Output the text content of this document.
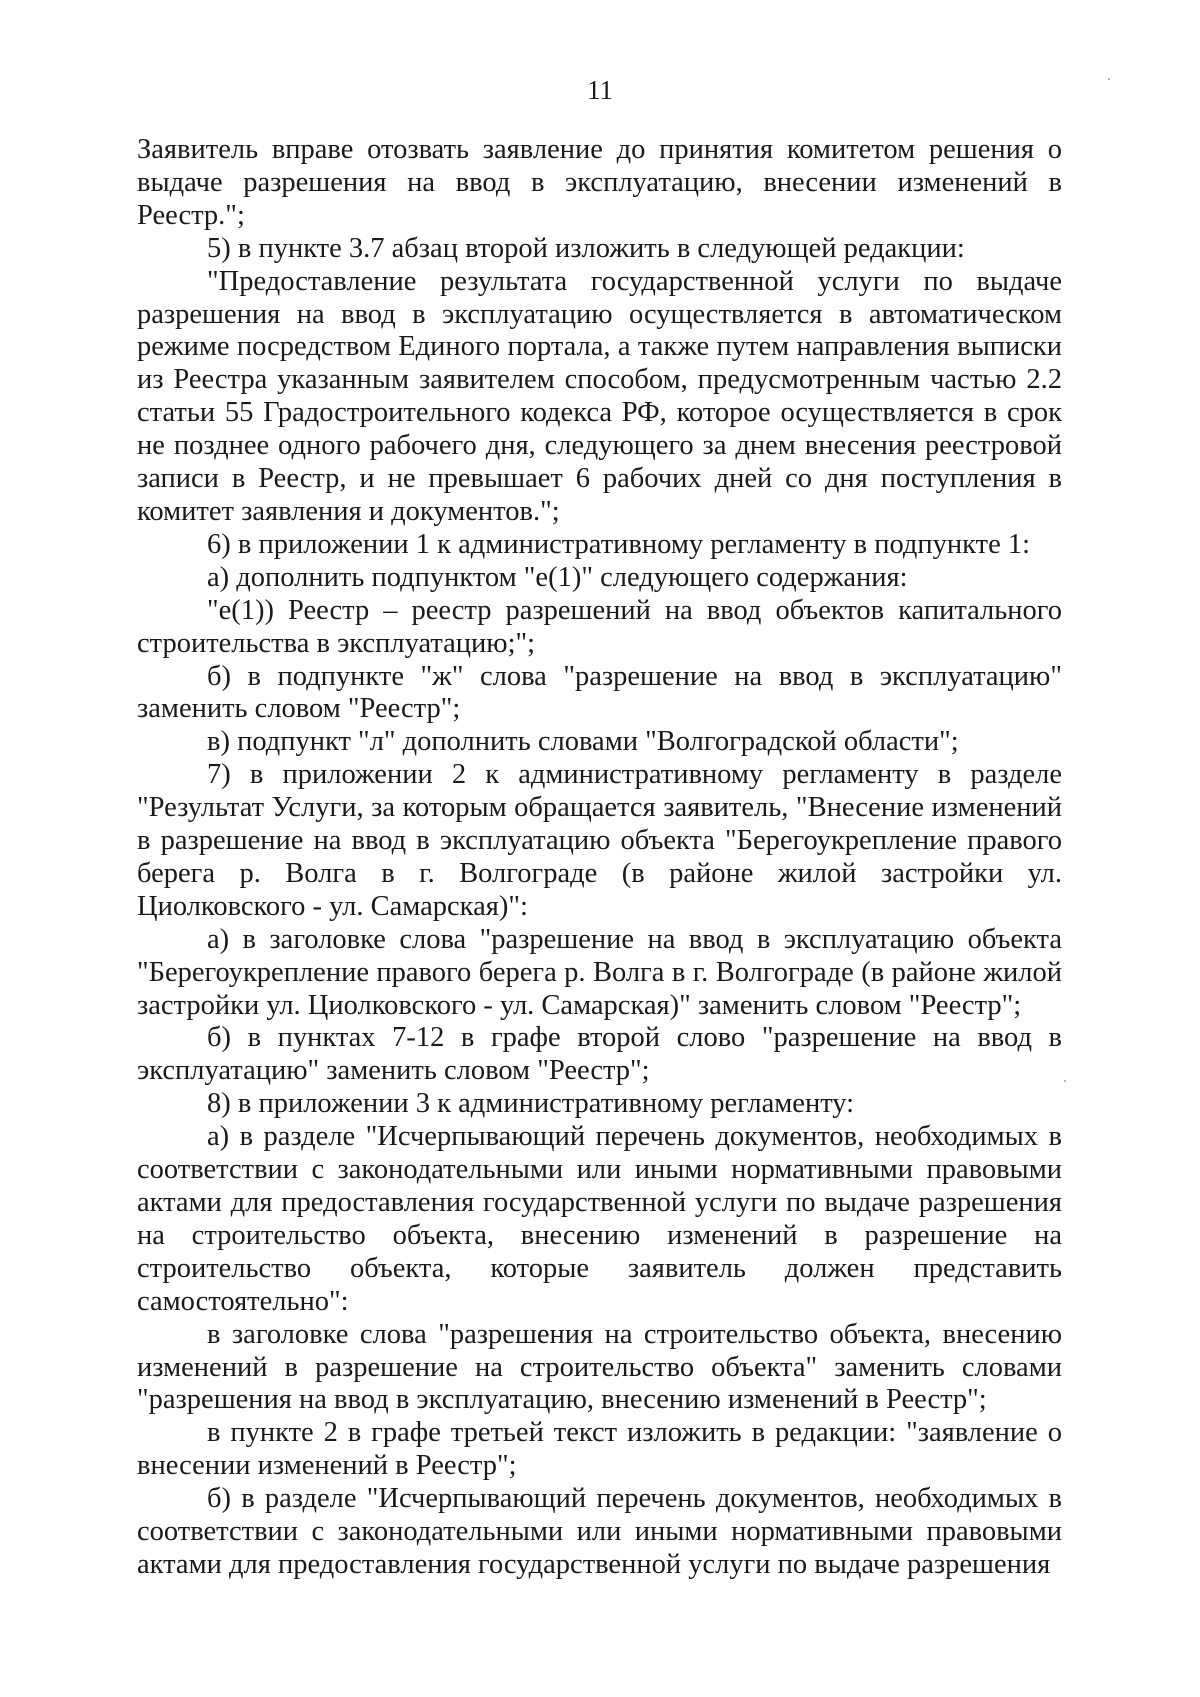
11

Заявитель вправе отозвать заявление до принятия комитетом решения о выдаче разрешения на ввод в эксплуатацию, внесении изменений в Реестр.";

5) в пункте 3.7 абзац второй изложить в следующей редакции:

"Предоставление результата государственной услуги по выдаче разрешения на ввод в эксплуатацию осуществляется в автоматическом режиме посредством Единого портала, а также путем направления выписки из Реестра указанным заявителем способом, предусмотренным частью 2.2 статьи 55 Градостроительного кодекса РФ, которое осуществляется в срок не позднее одного рабочего дня, следующего за днем внесения реестровой записи в Реестр, и не превышает 6 рабочих дней со дня поступления в комитет заявления и документов.";

6) в приложении 1 к административному регламенту в подпункте 1:

а) дополнить подпунктом "е(1)" следующего содержания:

"е(1)) Реестр – реестр разрешений на ввод объектов капитального строительства в эксплуатацию;";

б) в подпункте "ж" слова "разрешение на ввод в эксплуатацию" заменить словом "Реестр";

в) подпункт "л" дополнить словами "Волгоградской области";

7) в приложении 2 к административному регламенту в разделе "Результат Услуги, за которым обращается заявитель, "Внесение изменений в разрешение на ввод в эксплуатацию объекта "Берегоукрепление правого берега р. Волга в г. Волгограде (в районе жилой застройки ул. Циолковского - ул. Самарская)":

а) в заголовке слова "разрешение на ввод в эксплуатацию объекта "Берегоукрепление правого берега р. Волга в г. Волгограде (в районе жилой застройки ул. Циолковского - ул. Самарская)" заменить словом "Реестр";

б) в пунктах 7-12 в графе второй слово "разрешение на ввод в эксплуатацию" заменить словом "Реестр";

8) в приложении 3 к административному регламенту:

а) в разделе "Исчерпывающий перечень документов, необходимых в соответствии с законодательными или иными нормативными правовыми актами для предоставления государственной услуги по выдаче разрешения на строительство объекта, внесению изменений в разрешение на строительство объекта, которые заявитель должен представить самостоятельно":

в заголовке слова "разрешения на строительство объекта, внесению изменений в разрешение на строительство объекта" заменить словами "разрешения на ввод в эксплуатацию, внесению изменений в Реестр";

в пункте 2 в графе третьей текст изложить в редакции: "заявление о внесении изменений в Реестр";

б) в разделе "Исчерпывающий перечень документов, необходимых в соответствии с законодательными или иными нормативными правовыми актами для предоставления государственной услуги по выдаче разрешения
